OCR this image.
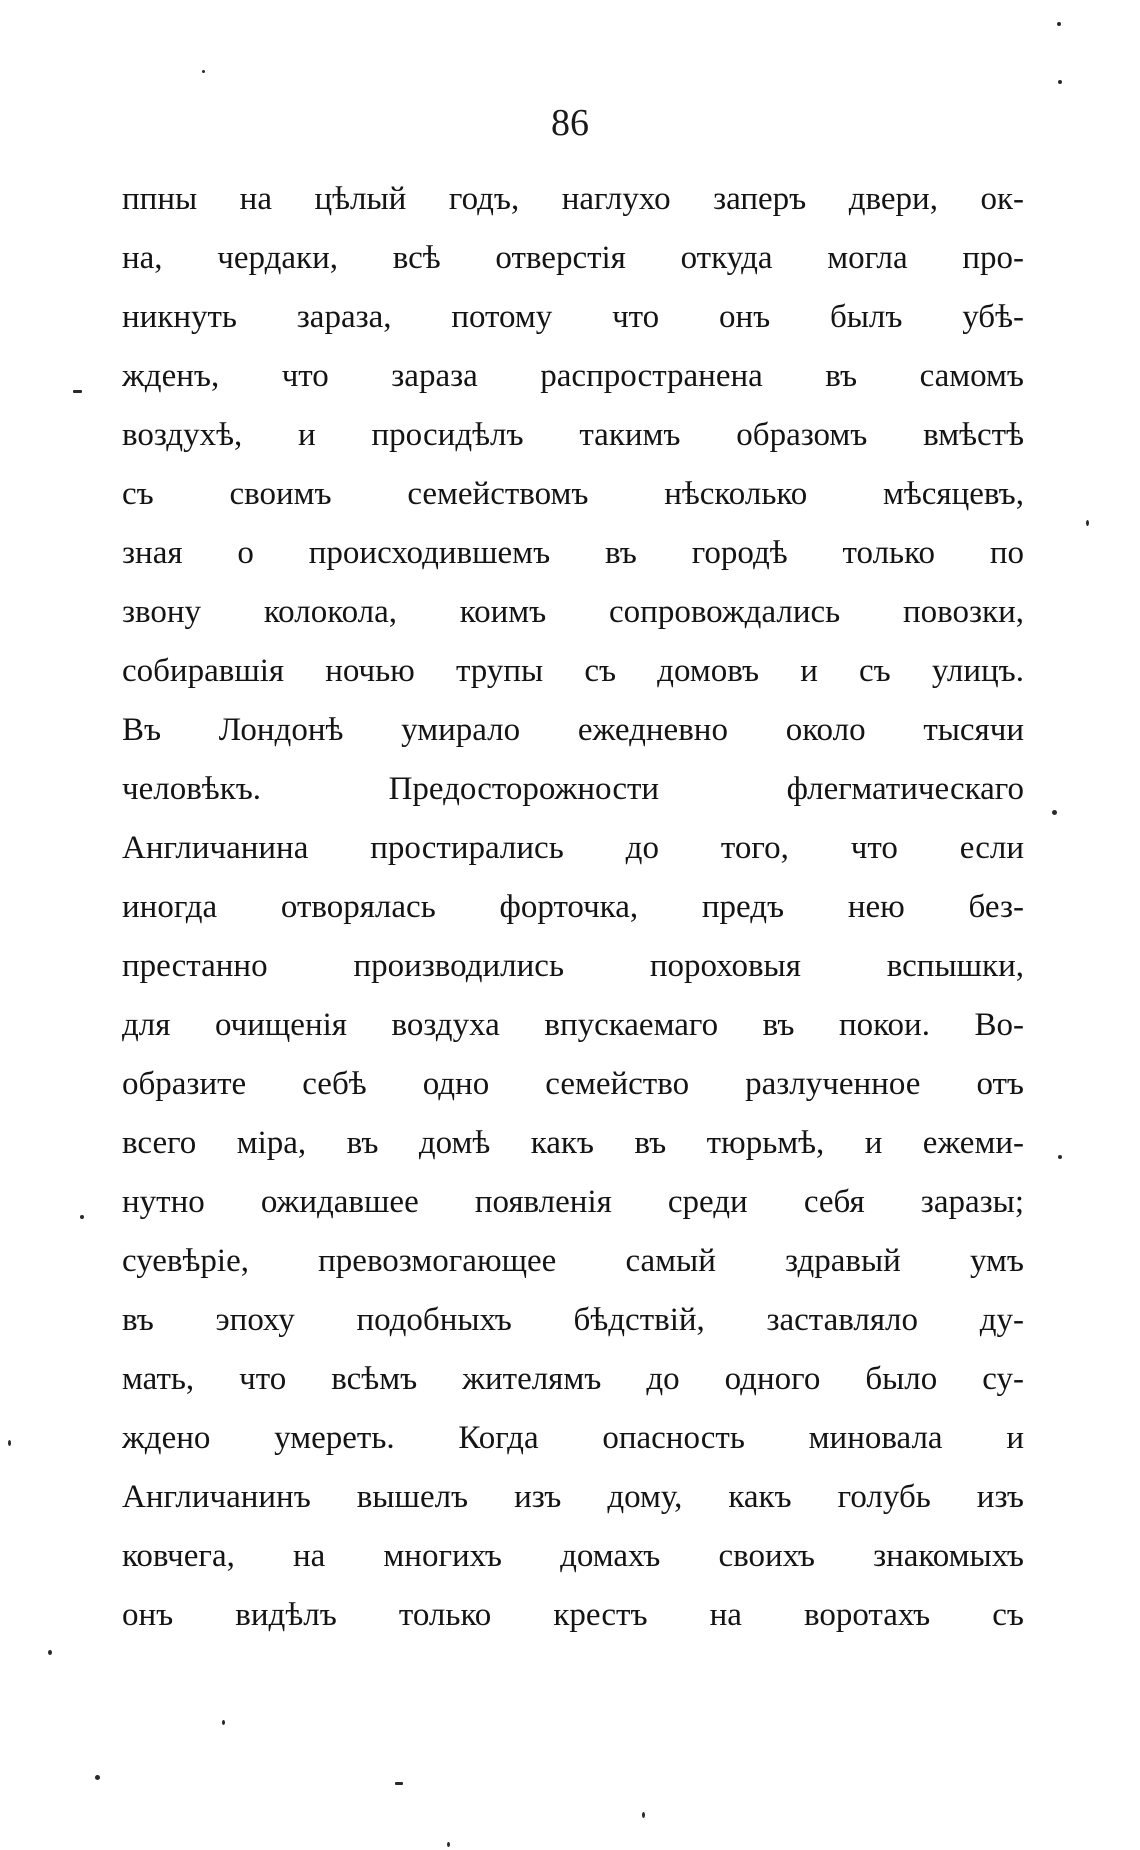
86
ппны на цѣлый годъ, наглухо заперъ двери, ок-
на, чердаки, всѣ отверстія откуда могла про-
никнуть зараза, потому что онъ былъ убѣ-
жденъ, что зараза распространена въ самомъ
воздухѣ, и просидѣлъ такимъ образомъ вмѣстѣ
съ своимъ семействомъ нѣсколько мѣсяцевъ,
зная о происходившемъ въ городѣ только по
звону колокола, коимъ сопровождались повозки,
собиравшія ночью трупы съ домовъ и съ улицъ.
Въ Лондонѣ умирало ежедневно около тысячи
человѣкъ. Предосторожности флегматическаго
Англичанина простирались до того, что если
иногда отворялась форточка, предъ нею без-
престанно производились пороховыя вспышки,
для очищенія воздуха впускаемаго въ покои. Во-
образите себѣ одно семейство разлученное отъ
всего міра, въ домѣ какъ въ тюрьмѣ, и ежеми-
нутно ожидавшее появленія среди себя заразы;
суевѣріе, превозмогающее самый здравый умъ
въ эпоху подобныхъ бѣдствій, заставляло ду-
мать, что всѣмъ жителямъ до одного было су-
ждено умереть. Когда опасность миновала и
Англичанинъ вышелъ изъ дому, какъ голубь изъ
ковчега, на многихъ домахъ своихъ знакомыхъ
онъ видѣлъ только крестъ на воротахъ съ
